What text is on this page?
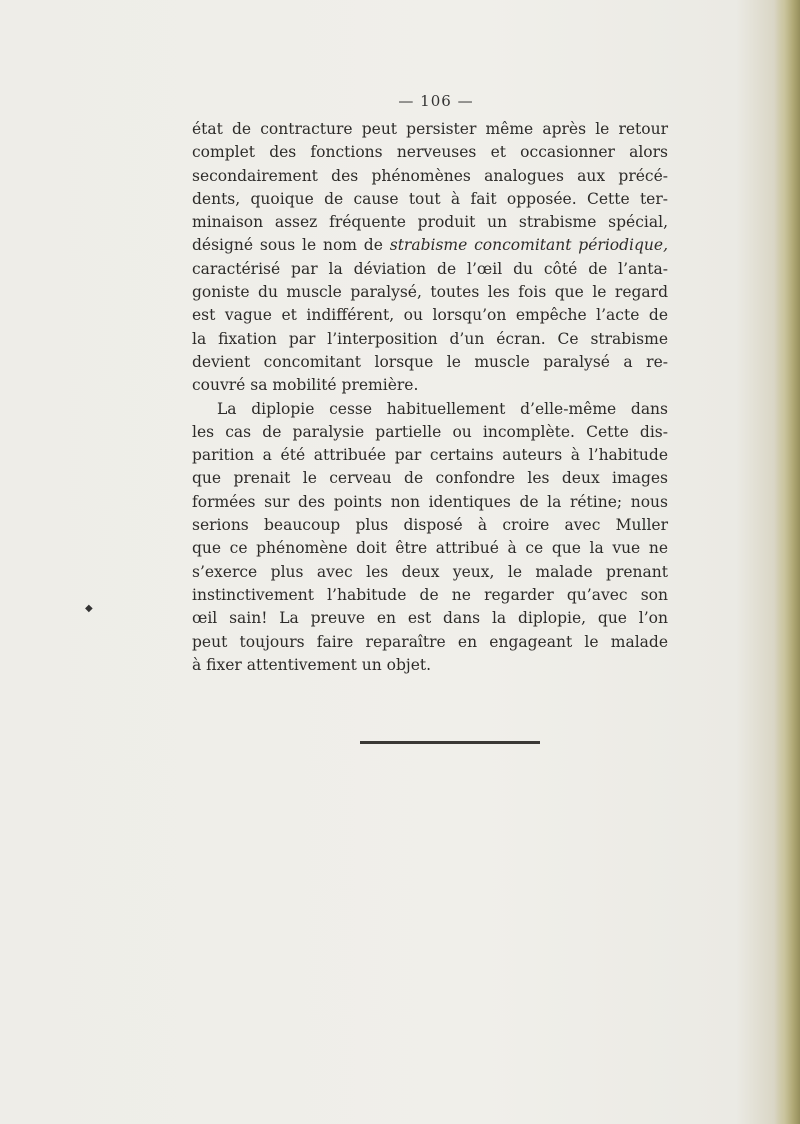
— 106 —

état de contracture peut persister même après le retour
complet des fonctions nerveuses et occasionner alors
secondairement des phénomènes analogues aux précé-
dents, quoique de cause tout à fait opposée. Cette ter-
minaison assez fréquente produit un strabisme spécial,
désigné sous le nom de strabisme concomitant périodique,
caractérisé par la déviation de l’œil du côté de l’anta-
goniste du muscle paralysé, toutes les fois que le regard
est vague et indifférent, ou lorsqu’on empêche l’acte de
la fixation par l’interposition d’un écran. Ce strabisme
devient concomitant lorsque le muscle paralysé a re-
couvré sa mobilité première.

La diplopie cesse habituellement d’elle-même dans
les cas de paralysie partielle ou incomplète. Cette dis-
parition a été attribuée par certains auteurs à l’habitude
que prenait le cerveau de confondre les deux images
formées sur des points non identiques de la rétine; nous
serions beaucoup plus disposé à croire avec Muller
que ce phénomène doit être attribué à ce que la vue ne
s’exerce plus avec les deux yeux, le malade prenant
instinctivement l’habitude de ne regarder qu’avec son
œil sain! La preuve en est dans la diplopie, que l’on
peut toujours faire reparaître en engageant le malade
à fixer attentivement un objet.

◆
